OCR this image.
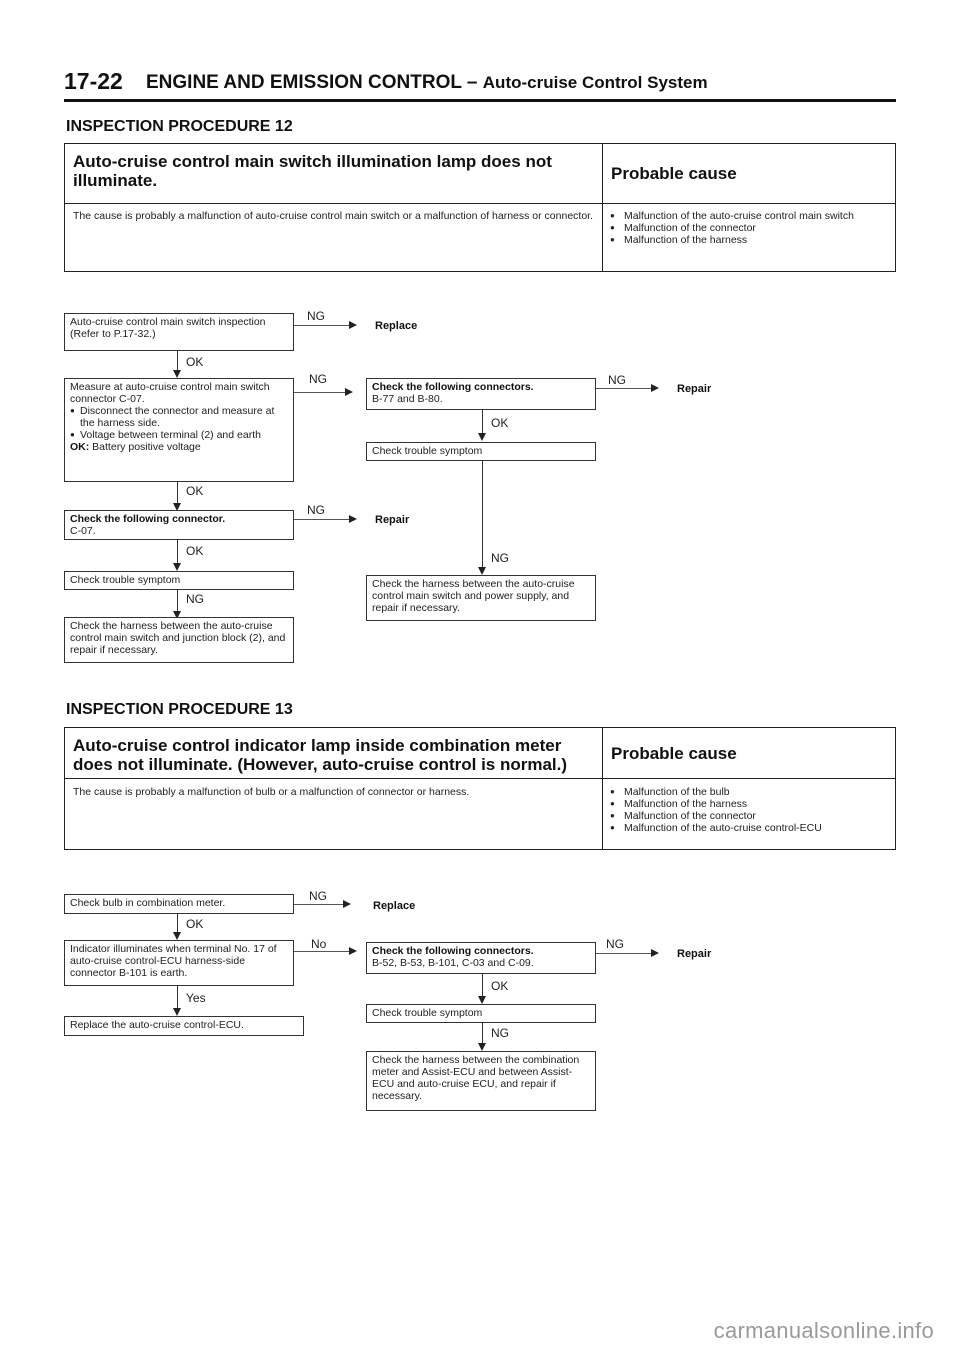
17-22 ENGINE AND EMISSION CONTROL – Auto-cruise Control System
INSPECTION PROCEDURE 12
Auto-cruise control main switch illumination lamp does not illuminate.	Probable cause
The cause is probably a malfunction of auto-cruise control main switch or a malfunction of harness or connector.	● Malfunction of the auto-cruise control main switch
● Malfunction of the connector
● Malfunction of the harness
Auto-cruise control main switch inspection (Refer to P.17-32.)
NG
Replace
OK
Measure at auto-cruise control main switch connector C-07.
● Disconnect the connector and measure at the harness side.
● Voltage between terminal (2) and earth
OK: Battery positive voltage
NG
OK
Check the following connector.
C-07.
NG
Repair
OK
Check trouble symptom
NG
Check the harness between the auto-cruise control main switch and junction block (2), and repair if necessary.
Check the following connectors.
B-77 and B-80.
NG
Repair
OK
Check trouble symptom
NG
Check the harness between the auto-cruise control main switch and power supply, and repair if necessary.
INSPECTION PROCEDURE 13
Auto-cruise control indicator lamp inside combination meter does not illuminate. (However, auto-cruise control is normal.)
Probable cause
The cause is probably a malfunction of bulb or a malfunction of connector or harness.	● Malfunction of the bulb
● Malfunction of the harness
● Malfunction of the connector
● Malfunction of the auto-cruise control-ECU
Check bulb in combination meter.	NG
Replace
OK
Indicator illuminates when terminal No. 17 of auto-cruise control-ECU harness-side connector B-101 is earth.
No
Yes
Replace the auto-cruise control-ECU.
Check the following connectors.
B-52, B-53, B-101, C-03 and C-09.
NG
Repair
OK
Check trouble symptom
NG
Check the harness between the combination meter and Assist-ECU and between Assist-ECU and auto-cruise ECU, and repair if necessary.
carmanualsonline.info
